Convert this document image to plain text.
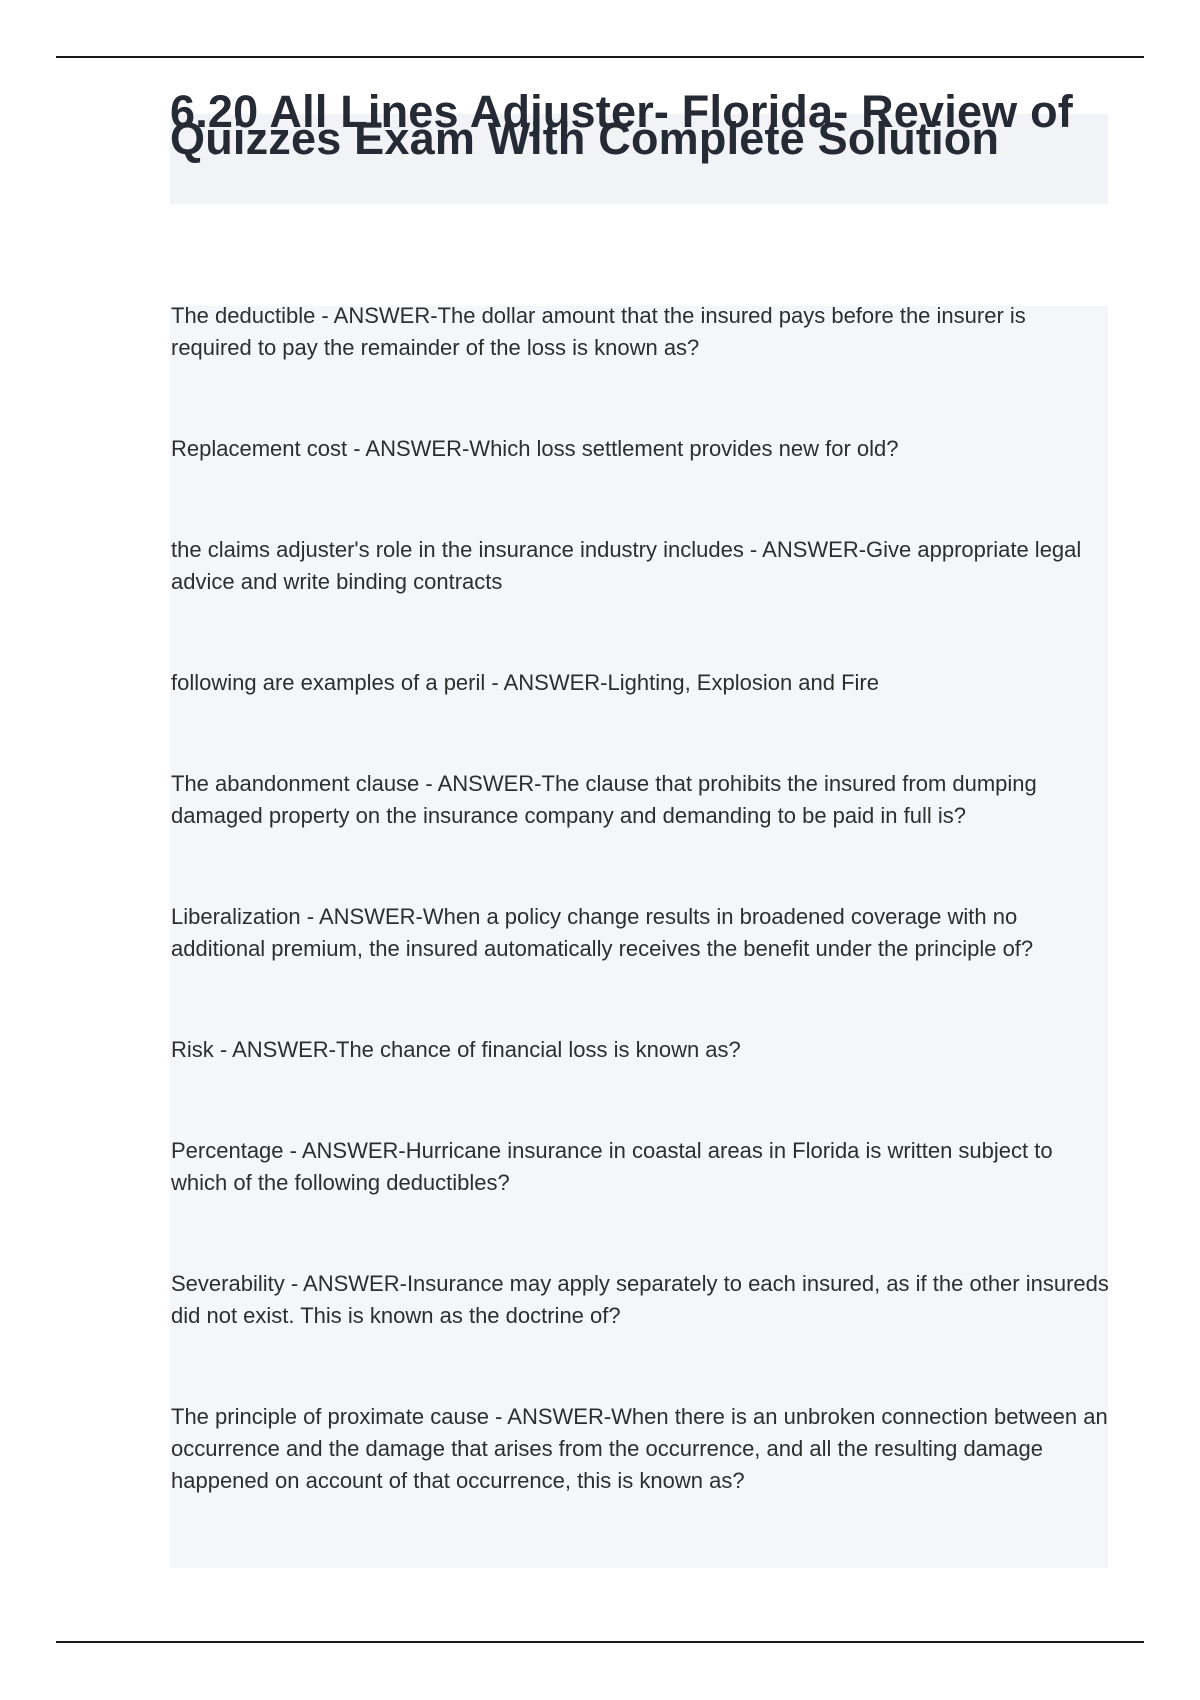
6.20 All Lines Adjuster- Florida- Review of Quizzes Exam With Complete Solution
The deductible - ANSWER-The dollar amount that the insured pays before the insurer is required to pay the remainder of the loss is known as?
Replacement cost - ANSWER-Which loss settlement provides new for old?
the claims adjuster's role in the insurance industry includes - ANSWER-Give appropriate legal advice and write binding contracts
following are examples of a peril - ANSWER-Lighting, Explosion and Fire
The abandonment clause - ANSWER-The clause that prohibits the insured from dumping damaged property on the insurance company and demanding to be paid in full is?
Liberalization - ANSWER-When a policy change results in broadened coverage with no additional premium, the insured automatically receives the benefit under the principle of?
Risk - ANSWER-The chance of financial loss is known as?
Percentage - ANSWER-Hurricane insurance in coastal areas in Florida is written subject to which of the following deductibles?
Severability - ANSWER-Insurance may apply separately to each insured, as if the other insureds did not exist. This is known as the doctrine of?
The principle of proximate cause - ANSWER-When there is an unbroken connection between an occurrence and the damage that arises from the occurrence, and all the resulting damage happened on account of that occurrence, this is known as?
